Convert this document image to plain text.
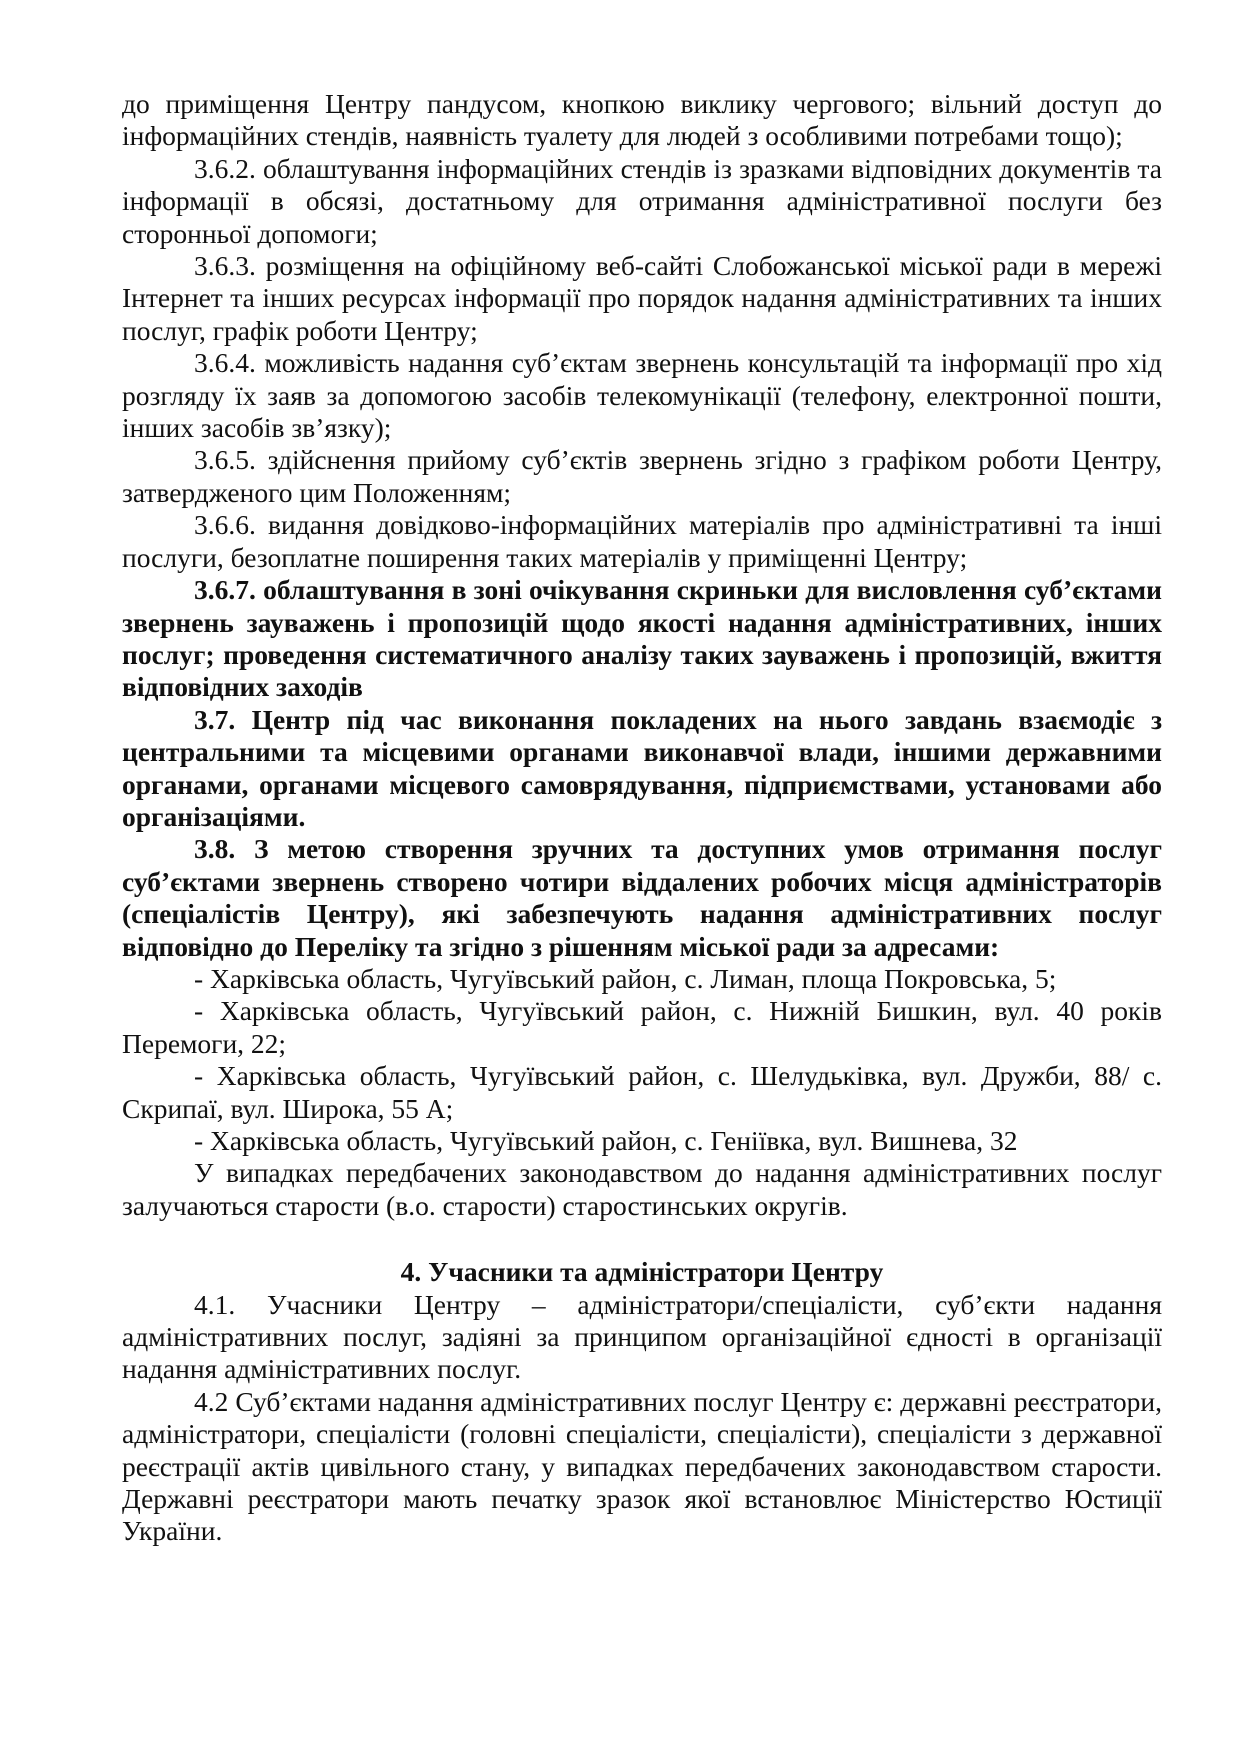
до приміщення Центру пандусом, кнопкою виклику чергового; вільний доступ до інформаційних стендів, наявність туалету для людей з особливими потребами тощо);

3.6.2. облаштування інформаційних стендів із зразками відповідних документів та інформації в обсязі, достатньому для отримання адміністративної послуги без сторонньої допомоги;

3.6.3. розміщення на офіційному веб-сайті Слобожанської міської ради в мережі Інтернет та інших ресурсах інформації про порядок надання адміністративних та інших послуг, графік роботи Центру;

3.6.4. можливість надання суб’єктам звернень консультацій та інформації про хід розгляду їх заяв за допомогою засобів телекомунікації (телефону, електронної пошти, інших засобів зв’язку);

3.6.5. здійснення прийому суб’єктів звернень згідно з графіком роботи Центру, затвердженого цим Положенням;

3.6.6. видання довідково-інформаційних матеріалів про адміністративні та інші послуги, безоплатне поширення таких матеріалів у приміщенні Центру;

3.6.7. облаштування в зоні очікування скриньки для висловлення суб’єктами звернень зауважень і пропозицій щодо якості надання адміністративних, інших послуг; проведення систематичного аналізу таких зауважень і пропозицій, вжиття відповідних заходів

3.7. Центр під час виконання покладених на нього завдань взаємодіє з центральними та місцевими органами виконавчої влади, іншими державними органами, органами місцевого самоврядування, підприємствами, установами або організаціями.

3.8. З метою створення зручних та доступних умов отримання послуг суб’єктами звернень створено чотири віддалених робочих місця адміністраторів (спеціалістів Центру), які забезпечують надання адміністративних послуг відповідно до Переліку та згідно з рішенням міської ради за адресами:

- Харківська область, Чугуївський район, с. Лиман, площа Покровська, 5;

- Харківська область, Чугуївський район, с. Нижній Бишкин, вул. 40 років Перемоги, 22;

- Харківська область, Чугуївський район, с. Шелудьківка, вул. Дружби, 88/ с. Скрипаї, вул. Широка, 55 А;

- Харківська область, Чугуївський район, с. Геніївка, вул. Вишнева, 32

У випадках передбачених законодавством до надання адміністративних послуг залучаються старости (в.о. старости) старостинських округів.

4. Учасники та адміністратори Центру

4.1. Учасники Центру – адміністратори/спеціалісти, суб’єкти надання адміністративних послуг, задіяні за принципом організаційної єдності в організації надання адміністративних послуг.

4.2 Суб’єктами надання адміністративних послуг Центру є: державні реєстратори, адміністратори, спеціалісти (головні спеціалісти, спеціалісти), спеціалісти з державної реєстрації актів цивільного стану, у випадках передбачених законодавством старости. Державні реєстратори мають печатку зразок якої встановлює Міністерство Юстиції України.
